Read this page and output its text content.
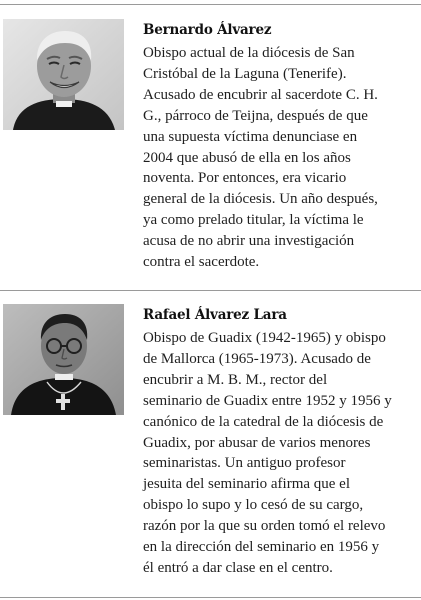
Bernardo Álvarez

Obispo actual de la diócesis de San
Cristóbal de la Laguna (Tenerife).
Acusado de encubrir al sacerdote C. H.
G., párroco de Teijna, después de que
una supuesta víctima denunciase en
2004 que abusó de ella en los años
noventa. Por entonces, era vicario
general de la diócesis. Un año después,
ya como prelado titular, la víctima le
acusa de no abrir una investigación
contra el sacerdote.

Rafael Álvarez Lara

Obispo de Guadix (1942-1965) y obispo
de Mallorca (1965-1973). Acusado de
encubrir a M. B. M., rector del
seminario de Guadix entre 1952 y 1956 y
canónico de la catedral de la diócesis de
Guadix, por abusar de varios menores
seminaristas. Un antiguo profesor
jesuita del seminario afirma que el
obispo lo supo y lo cesó de su cargo,
razón por la que su orden tomó el relevo
en la dirección del seminario en 1956 y
él entró a dar clase en el centro.
